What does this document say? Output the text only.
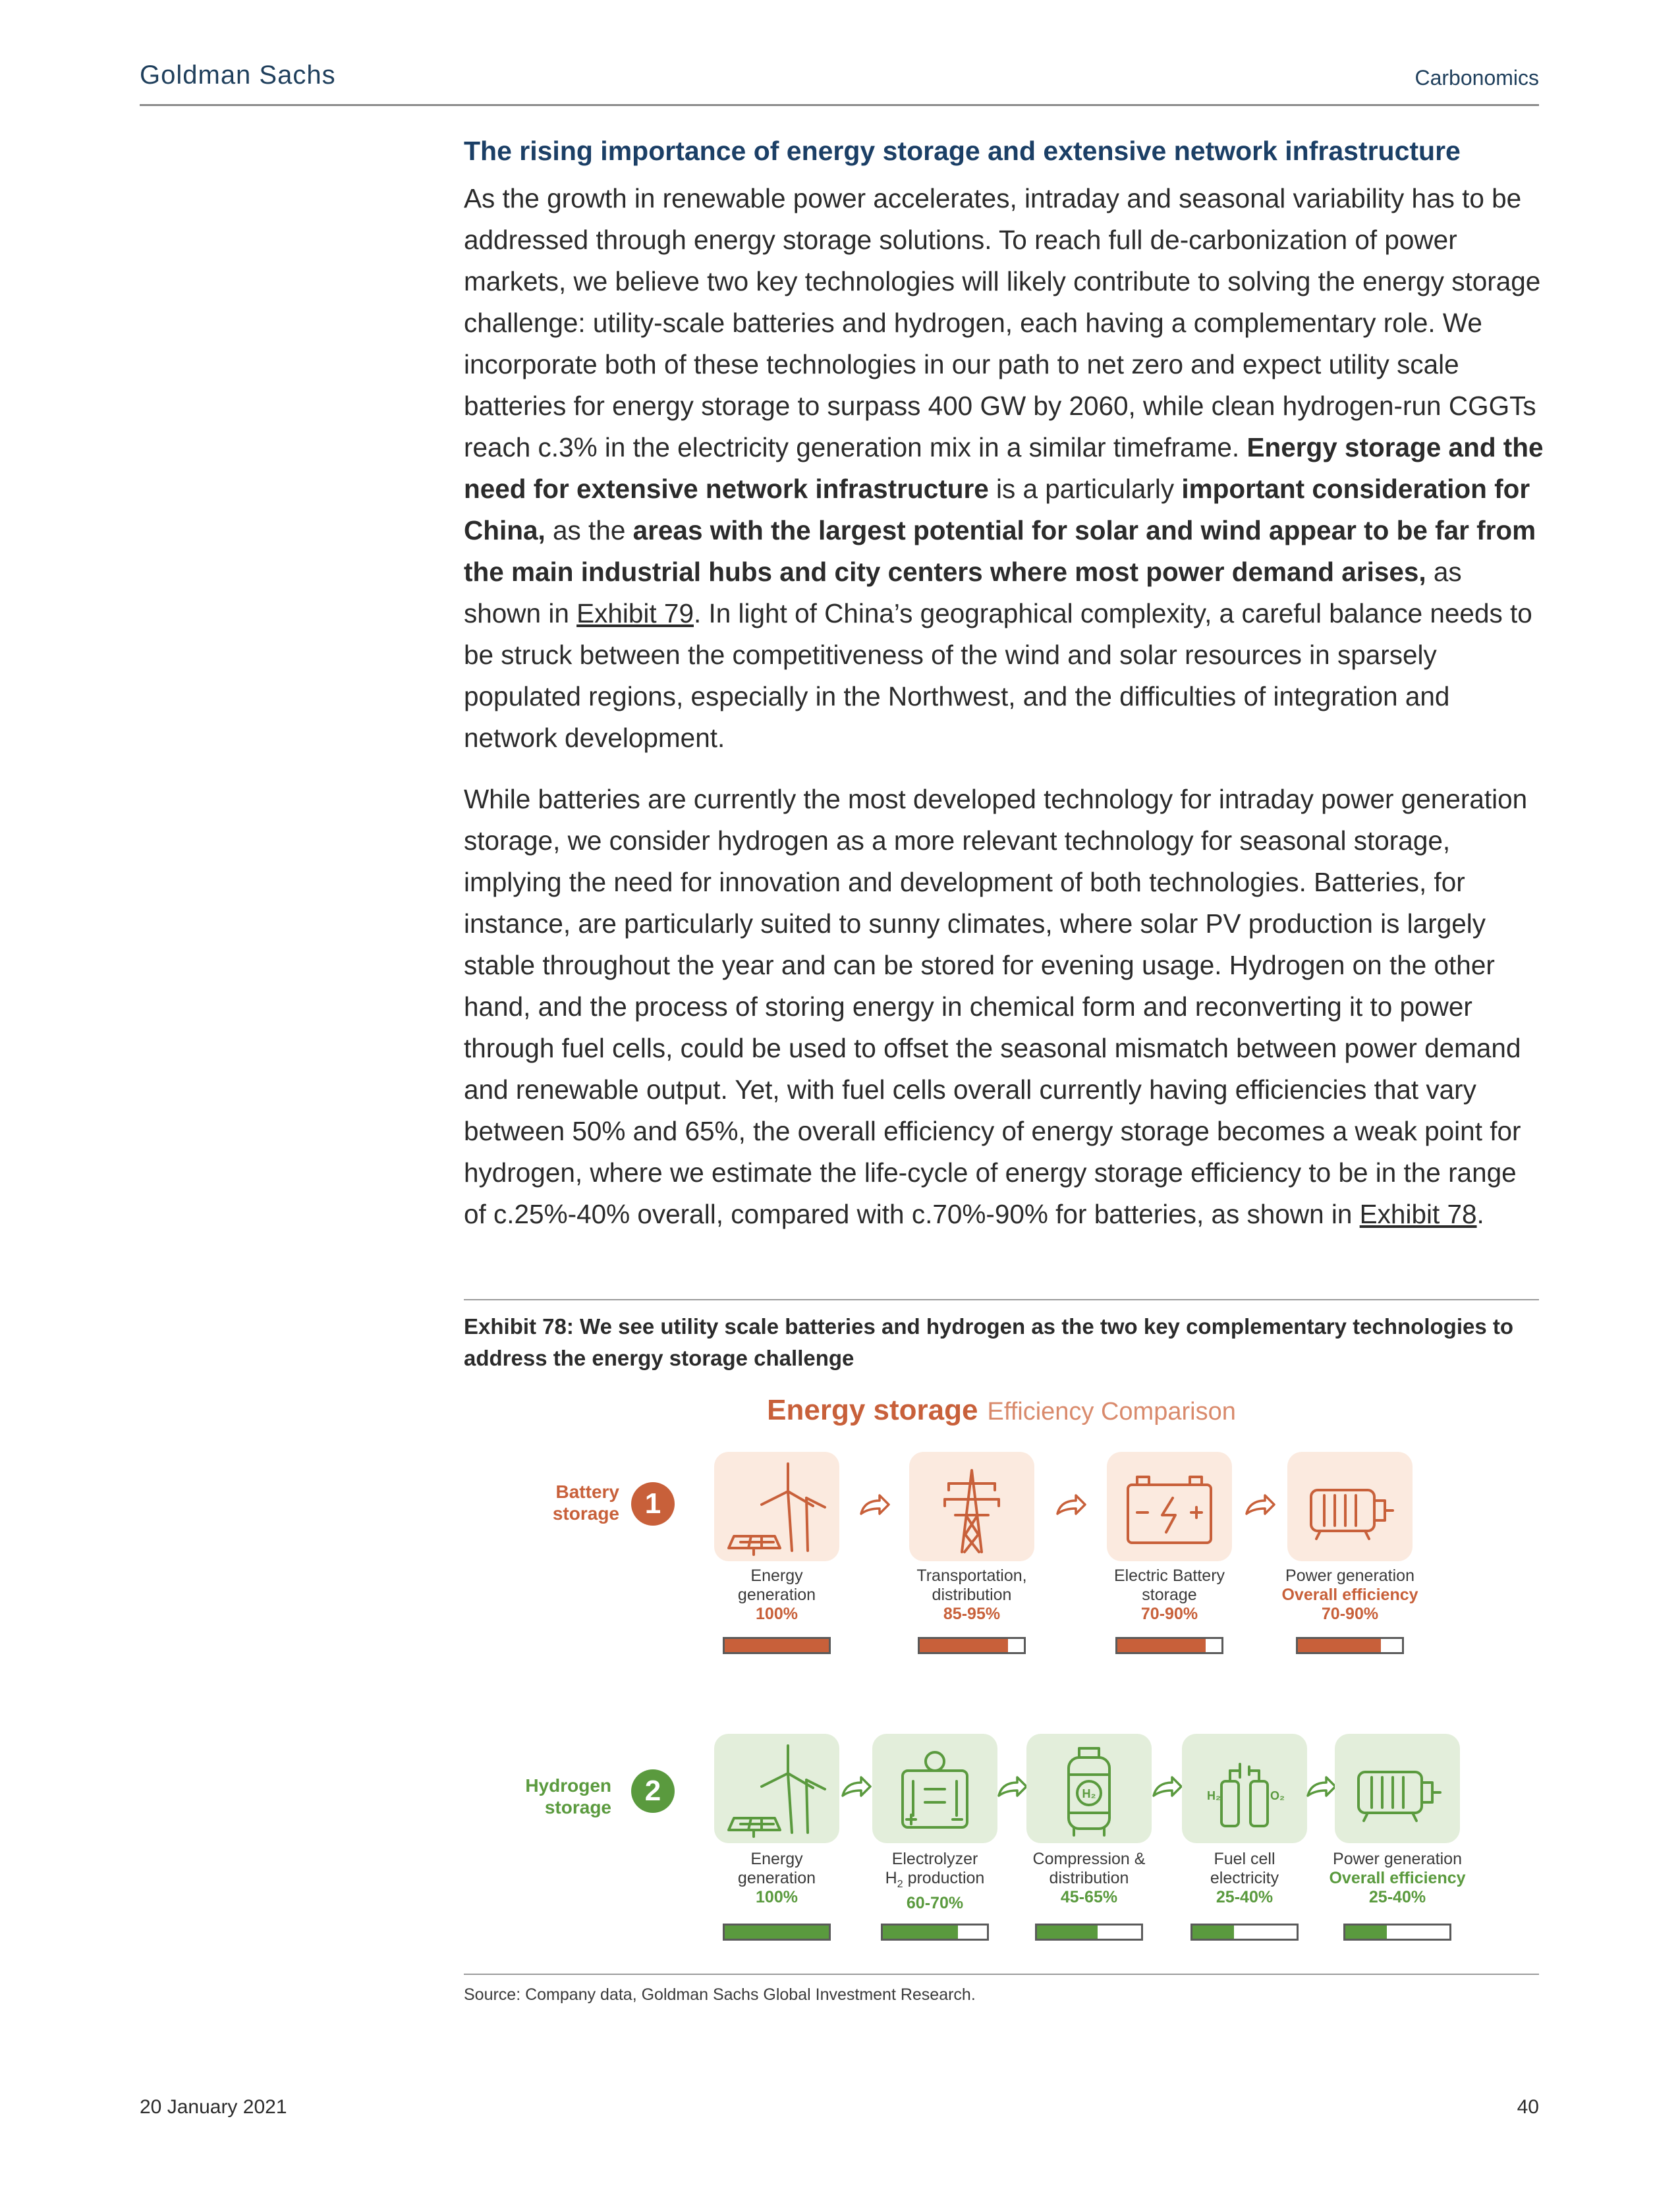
Goldman Sachs	Carbonomics
The rising importance of energy storage and extensive network infrastructure
As the growth in renewable power accelerates, intraday and seasonal variability has to be addressed through energy storage solutions. To reach full de-carbonization of power markets, we believe two key technologies will likely contribute to solving the energy storage challenge: utility-scale batteries and hydrogen, each having a complementary role. We incorporate both of these technologies in our path to net zero and expect utility scale batteries for energy storage to surpass 400 GW by 2060, while clean hydrogen-run CGGTs reach c.3% in the electricity generation mix in a similar timeframe. Energy storage and the need for extensive network infrastructure is a particularly important consideration for China, as the areas with the largest potential for solar and wind appear to be far from the main industrial hubs and city centers where most power demand arises, as shown in Exhibit 79. In light of China’s geographical complexity, a careful balance needs to be struck between the competitiveness of the wind and solar resources in sparsely populated regions, especially in the Northwest, and the difficulties of integration and network development.
While batteries are currently the most developed technology for intraday power generation storage, we consider hydrogen as a more relevant technology for seasonal storage, implying the need for innovation and development of both technologies. Batteries, for instance, are particularly suited to sunny climates, where solar PV production is largely stable throughout the year and can be stored for evening usage. Hydrogen on the other hand, and the process of storing energy in chemical form and reconverting it to power through fuel cells, could be used to offset the seasonal mismatch between power demand and renewable output. Yet, with fuel cells overall currently having efficiencies that vary between 50% and 65%, the overall efficiency of energy storage becomes a weak point for hydrogen, where we estimate the life-cycle of energy storage efficiency to be in the range of c.25%-40% overall, compared with c.70%-90% for batteries, as shown in Exhibit 78.
Exhibit 78: We see utility scale batteries and hydrogen as the two key complementary technologies to address the energy storage challenge
Energy storage Efficiency Comparison
Battery
storage 1
Energy
generation
100%
Transportation,
distribution
85-95%
Electric Battery
storage
70-90%
Power generation
Overall efficiency
70-90%
Hydrogen
storage
2
Energy
generation
100%
Electrolyzer
$H_2$ production
60-70%
H₂
Compression &
distribution
45-65%
H₂	O₂
Fuel cell
electricity
25-40%
Power generation
Overall efficiency
25-40%
Source: Company data, Goldman Sachs Global Investment Research.
20 January 2021	40
